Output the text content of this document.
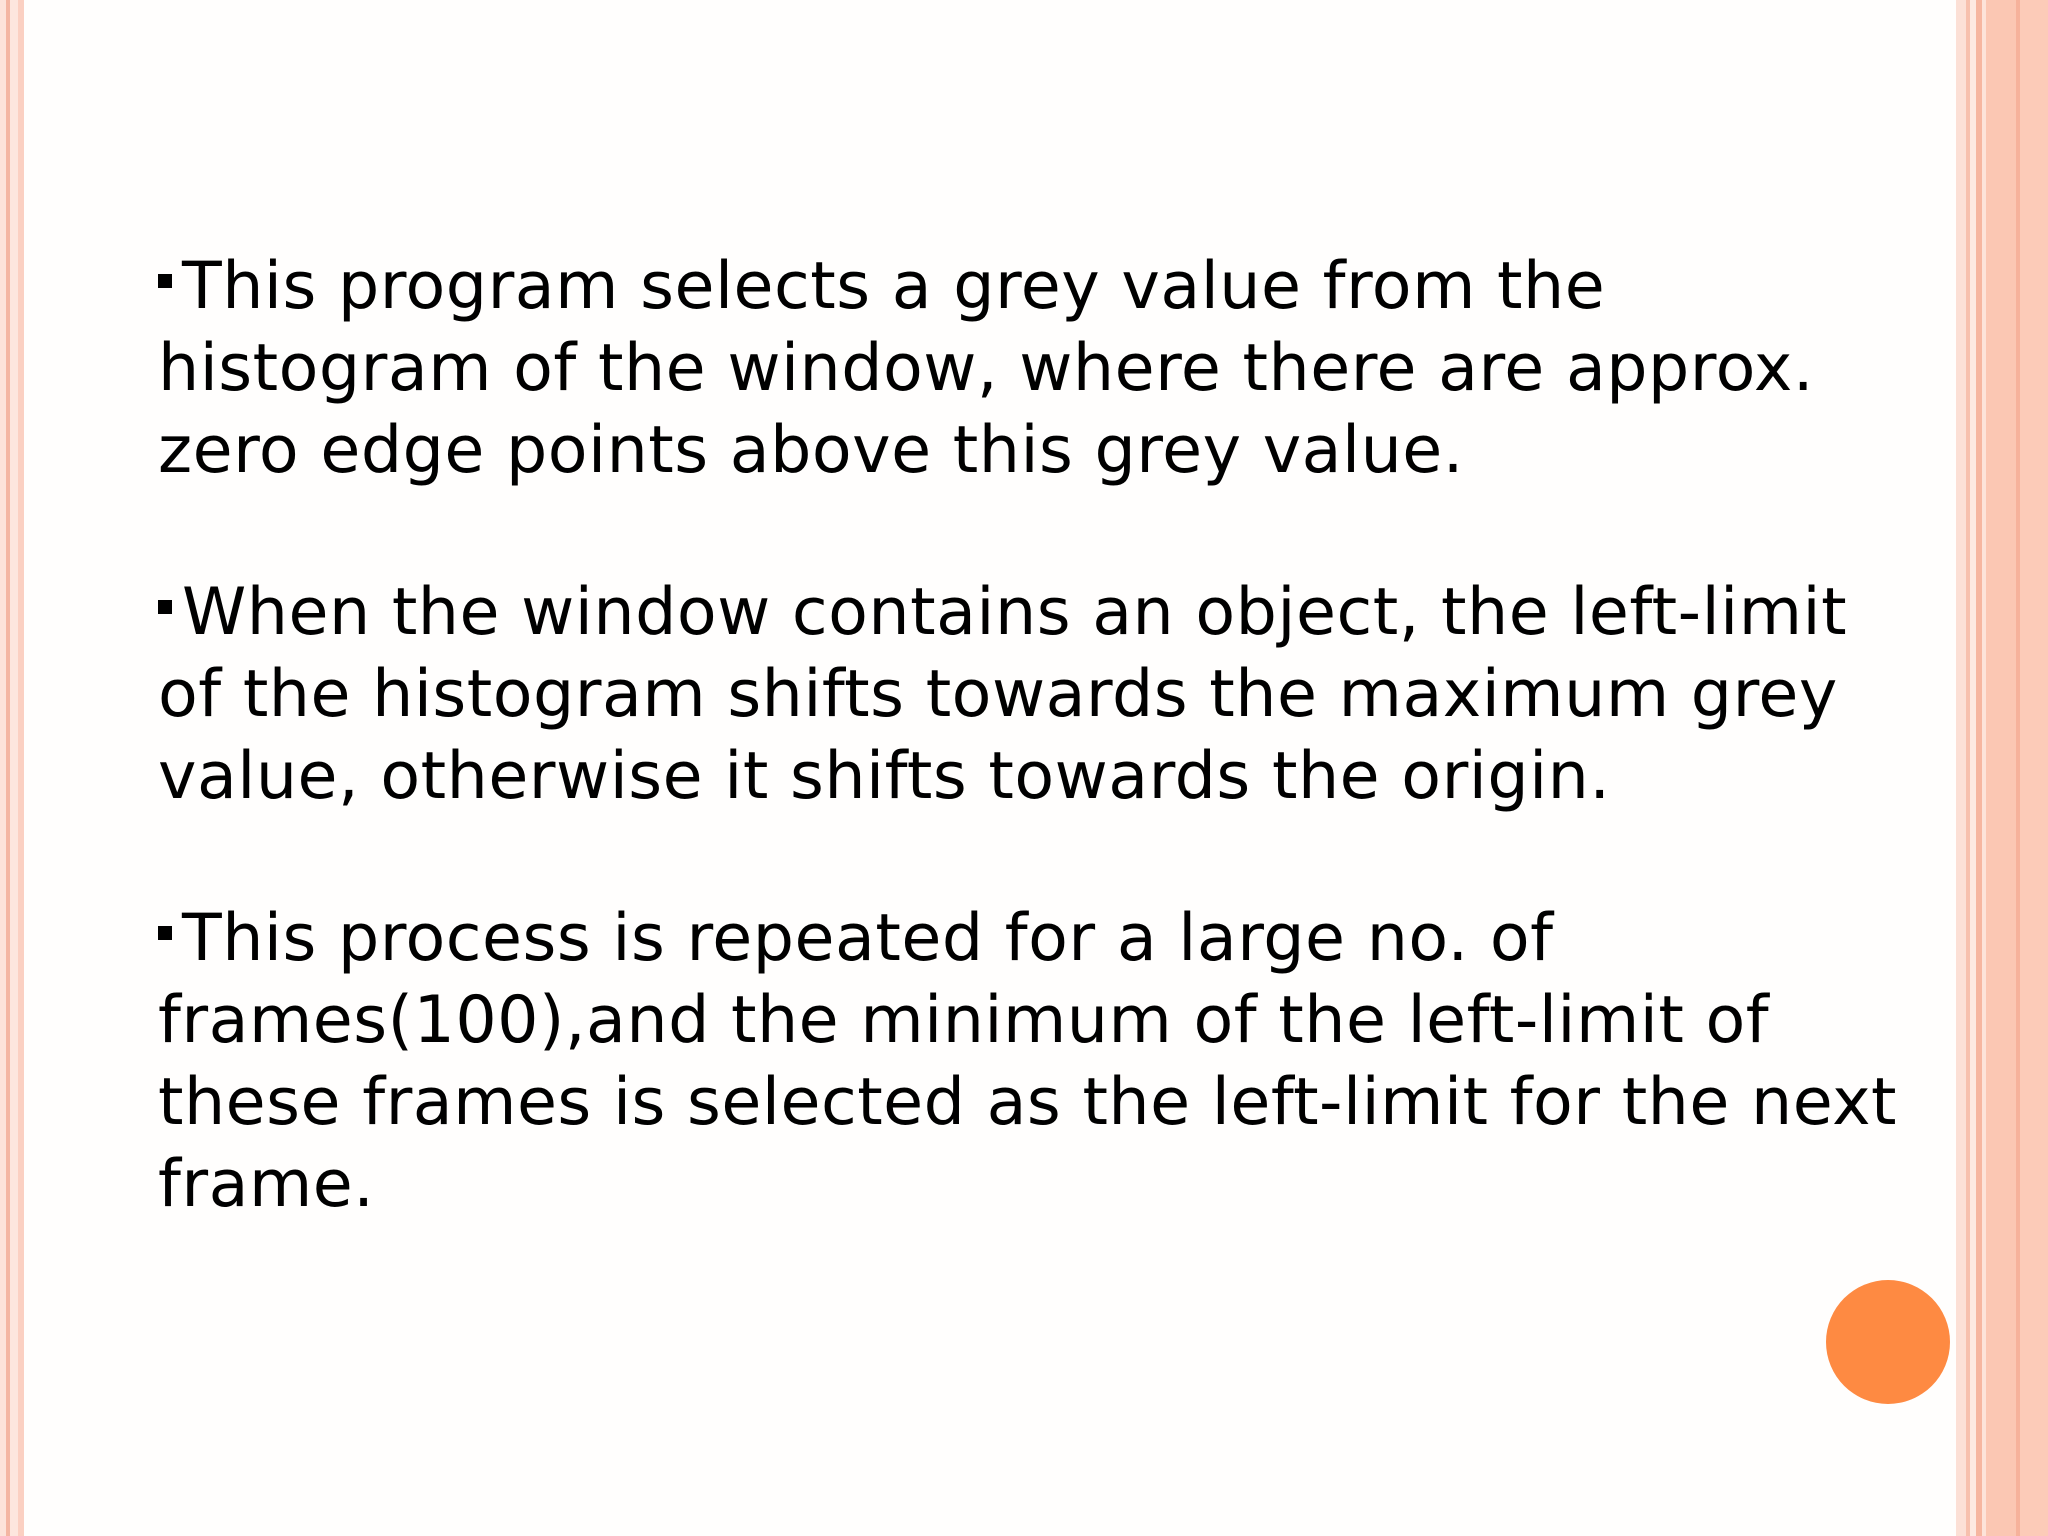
This program selects a grey value from the histogram of the window, where there are approx. zero edge points above this grey value.

When the window contains an object, the left-limit of the histogram shifts towards the maximum grey value, otherwise it shifts towards the origin.

This process is repeated for a large no. of frames(100),and the minimum of the left-limit of these frames is selected as the left-limit for the next frame.
